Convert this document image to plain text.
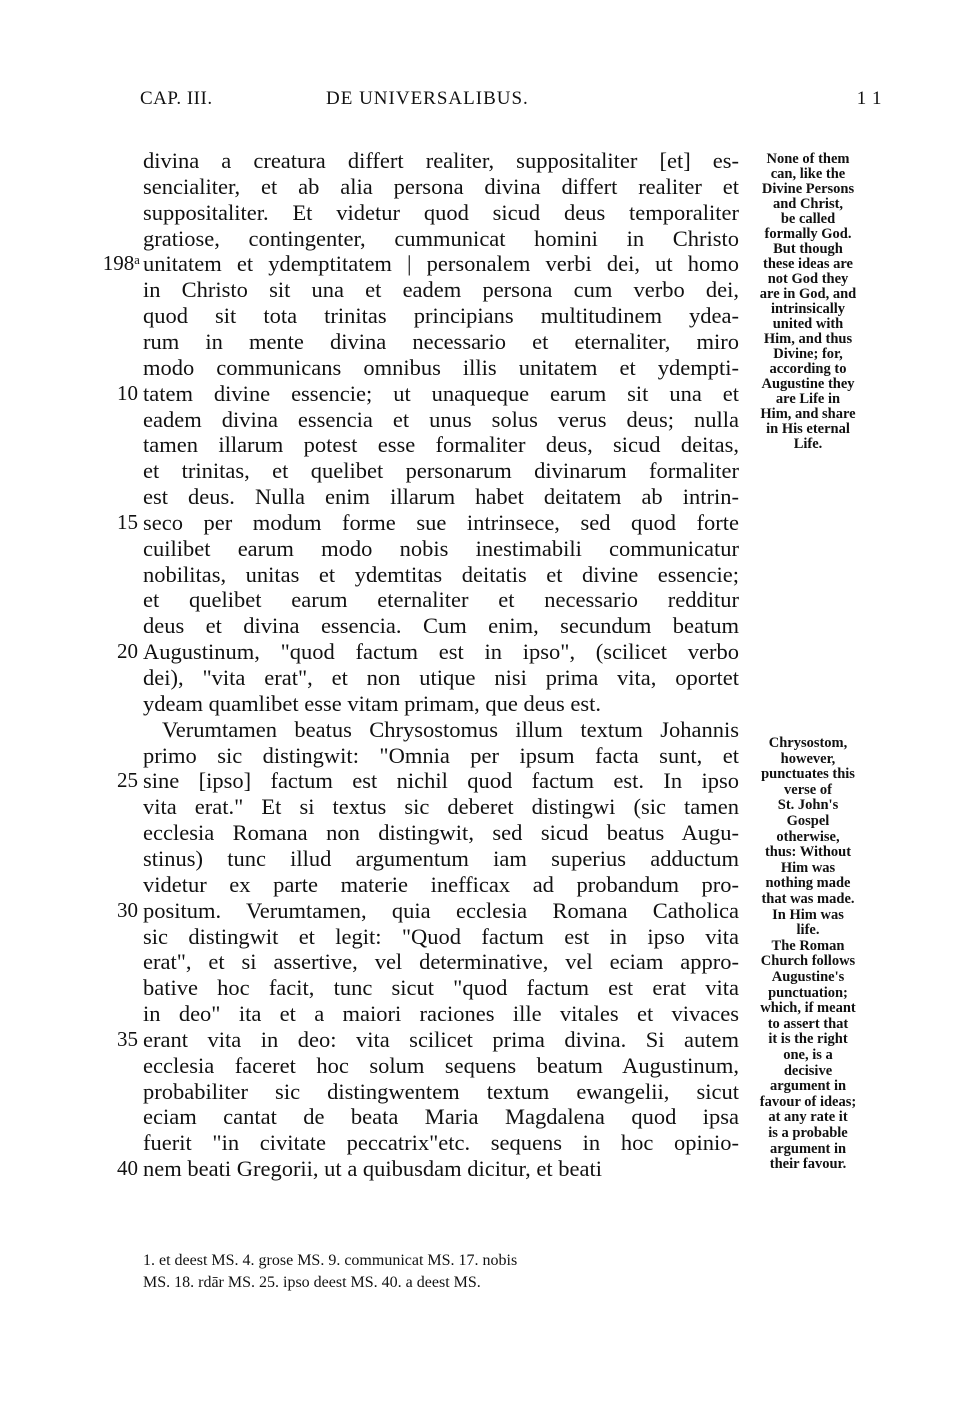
CAP. III.	DE UNIVERSALIBUS.	1 1
divina a creatura differt realiter, suppositaliter [et] es-
sencialiter, et ab alia persona divina differt realiter et
suppositaliter. Et videtur quod sicud deus temporaliter
gratiose, contingenter, cummunicat homini in Christo
198ᵃ unitatem et ydemptitatem | personalem verbi dei, ut homo
in Christo sit una et eadem persona cum verbo dei,
quod sit tota trinitas principians multitudinem ydea-
rum in mente divina necessario et eternaliter, miro
modo communicans omnibus illis unitatem et ydempti-
10 tatem divine essencie; ut unaqueque earum sit una et
eadem divina essencia et unus solus verus deus; nulla
tamen illarum potest esse formaliter deus, sicud deitas,
et trinitas, et quelibet personarum divinarum formaliter
est deus. Nulla enim illarum habet deitatem ab intrin-
15 seco per modum forme sue intrinsece, sed quod forte
cuilibet earum modo nobis inestimabili communicatur
nobilitas, unitas et ydemtitas deitatis et divine essencie;
et quelibet earum eternaliter et necessario redditur
deus et divina essencia. Cum enim, secundum beatum
20 Augustinum, "quod factum est in ipso", (scilicet verbo
dei), "vita erat", et non utique nisi prima vita, oportet
ydeam quamlibet esse vitam primam, que deus est.
Verumtamen beatus Chrysostomus illum textum Johannis
primo sic distingwit: "Omnia per ipsum facta sunt, et
25 sine [ipso] factum est nichil quod factum est. In ipso
vita erat." Et si textus sic deberet distingwi (sic tamen
ecclesia Romana non distingwit, sed sicud beatus Augu-
stinus) tunc illud argumentum iam superius adductum
videtur ex parte materie inefficax ad probandum pro-
30 positum. Verumtamen, quia ecclesia Romana Catholica
sic distingwit et legit: "Quod factum est in ipso vita
erat", et si assertive, vel determinative, vel eciam appro-
bative hoc facit, tunc sicut "quod factum est erat vita
in deo" ita et a maiori raciones ille vitales et vivaces
35 erant vita in deo: vita scilicet prima divina. Si autem
ecclesia faceret hoc solum sequens beatum Augustinum,
probabiliter sic distingwentem textum ewangelii, sicut
eciam cantat de beata Maria Magdalena quod ipsa
fuerit "in civitate peccatrix"etc. sequens in hoc opinio-
40 nem beati Gregorii, ut a quibusdam dicitur, et beati
None of them
can, like the
Divine Persons
and Christ,
be called
formally God.
But though
these ideas are
not God they
are in God, and
intrinsically
united with
Him, and thus
Divine; for,
according to
Augustine they
are Life in
Him, and share
in His eternal
Life.
Chrysostom,
however,
punctuates this
verse of
St. John's
Gospel
otherwise,
thus: Without
Him was
nothing made
that was made.
In Him was
life.
The Roman
Church follows
Augustine's
punctuation;
which, if meant
to assert that
it is the right
one, is a
decisive
argument in
favour of ideas;
at any rate it
is a probable
argument in
their favour.
1. et deest MS. 4. grose MS. 9. communicat MS. 17. nobis
MS. 18. rdār MS. 25. ipso deest MS. 40. a deest MS.
